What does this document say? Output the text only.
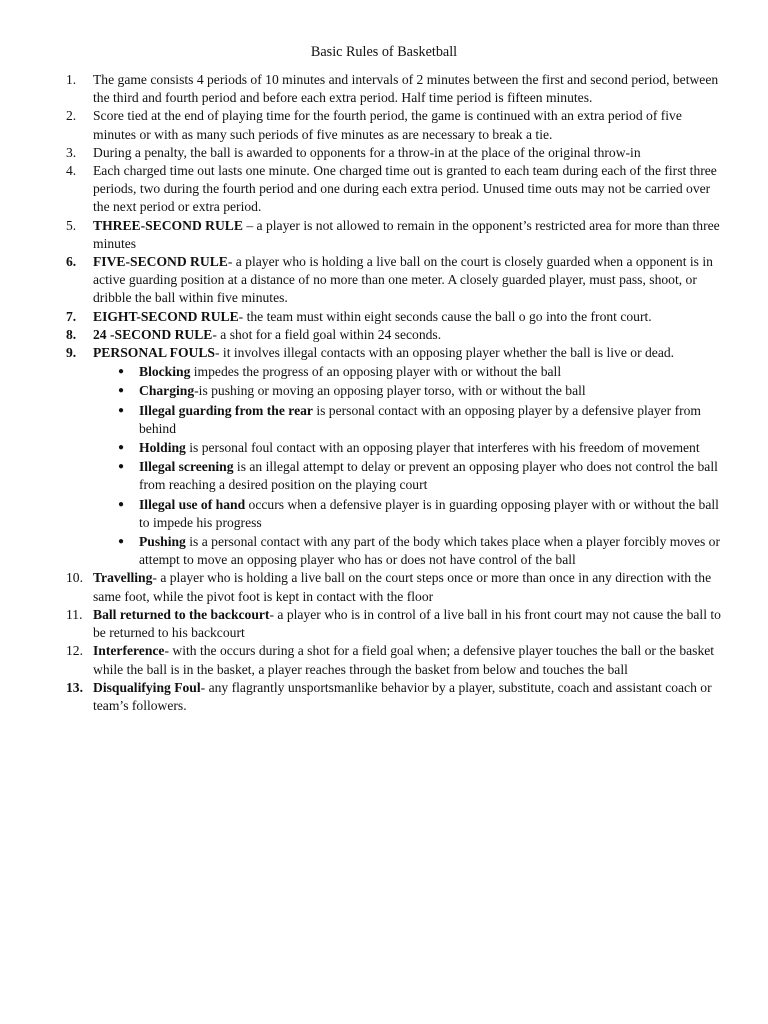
Basic Rules of Basketball
1. The game consists 4 periods of 10 minutes and intervals of 2 minutes between the first and second period, between the third and fourth period and before each extra period. Half time period is fifteen minutes.
2. Score tied at the end of playing time for the fourth period, the game is continued with an extra period of five minutes or with as many such periods of five minutes as are necessary to break a tie.
3. During a penalty, the ball is awarded to opponents for a throw-in at the place of the original throw-in
4. Each charged time out lasts one minute. One charged time out is granted to each team during each of the first three periods, two during the fourth period and one during each extra period. Unused time outs may not be carried over the next period or extra period.
5. THREE-SECOND RULE – a player is not allowed to remain in the opponent’s restricted area for more than three minutes
6. FIVE-SECOND RULE- a player who is holding a live ball on the court is closely guarded when a opponent is in active guarding position at a distance of no more than one meter. A closely guarded player, must pass, shoot, or dribble the ball within five minutes.
7. EIGHT-SECOND RULE- the team must within eight seconds cause the ball o go into the front court.
8. 24 -SECOND RULE- a shot for a field goal within 24 seconds.
9. PERSONAL FOULS- it involves illegal contacts with an opposing player whether the ball is live or dead.
● Blocking impedes the progress of an opposing player with or without the ball
● Charging-is pushing or moving an opposing player torso, with or without the ball
● Illegal guarding from the rear is personal contact with an opposing player by a defensive player from behind
● Holding is personal foul contact with an opposing player that interferes with his freedom of movement
● Illegal screening is an illegal attempt to delay or prevent an opposing player who does not control the ball from reaching a desired position on the playing court
● Illegal use of hand occurs when a defensive player is in guarding opposing player with or without the ball to impede his progress
● Pushing is a personal contact with any part of the body which takes place when a player forcibly moves or attempt to move an opposing player who has or does not have control of the ball
10. Travelling- a player who is holding a live ball on the court steps once or more than once in any direction with the same foot, while the pivot foot is kept in contact with the floor
11. Ball returned to the backcourt- a player who is in control of a live ball in his front court may not cause the ball to be returned to his backcourt
12. Interference- with the occurs during a shot for a field goal when; a defensive player touches the ball or the basket while the ball is in the basket, a player reaches through the basket from below and touches the ball
13. Disqualifying Foul- any flagrantly unsportsmanlike behavior by a player, substitute, coach and assistant coach or team’s followers.
